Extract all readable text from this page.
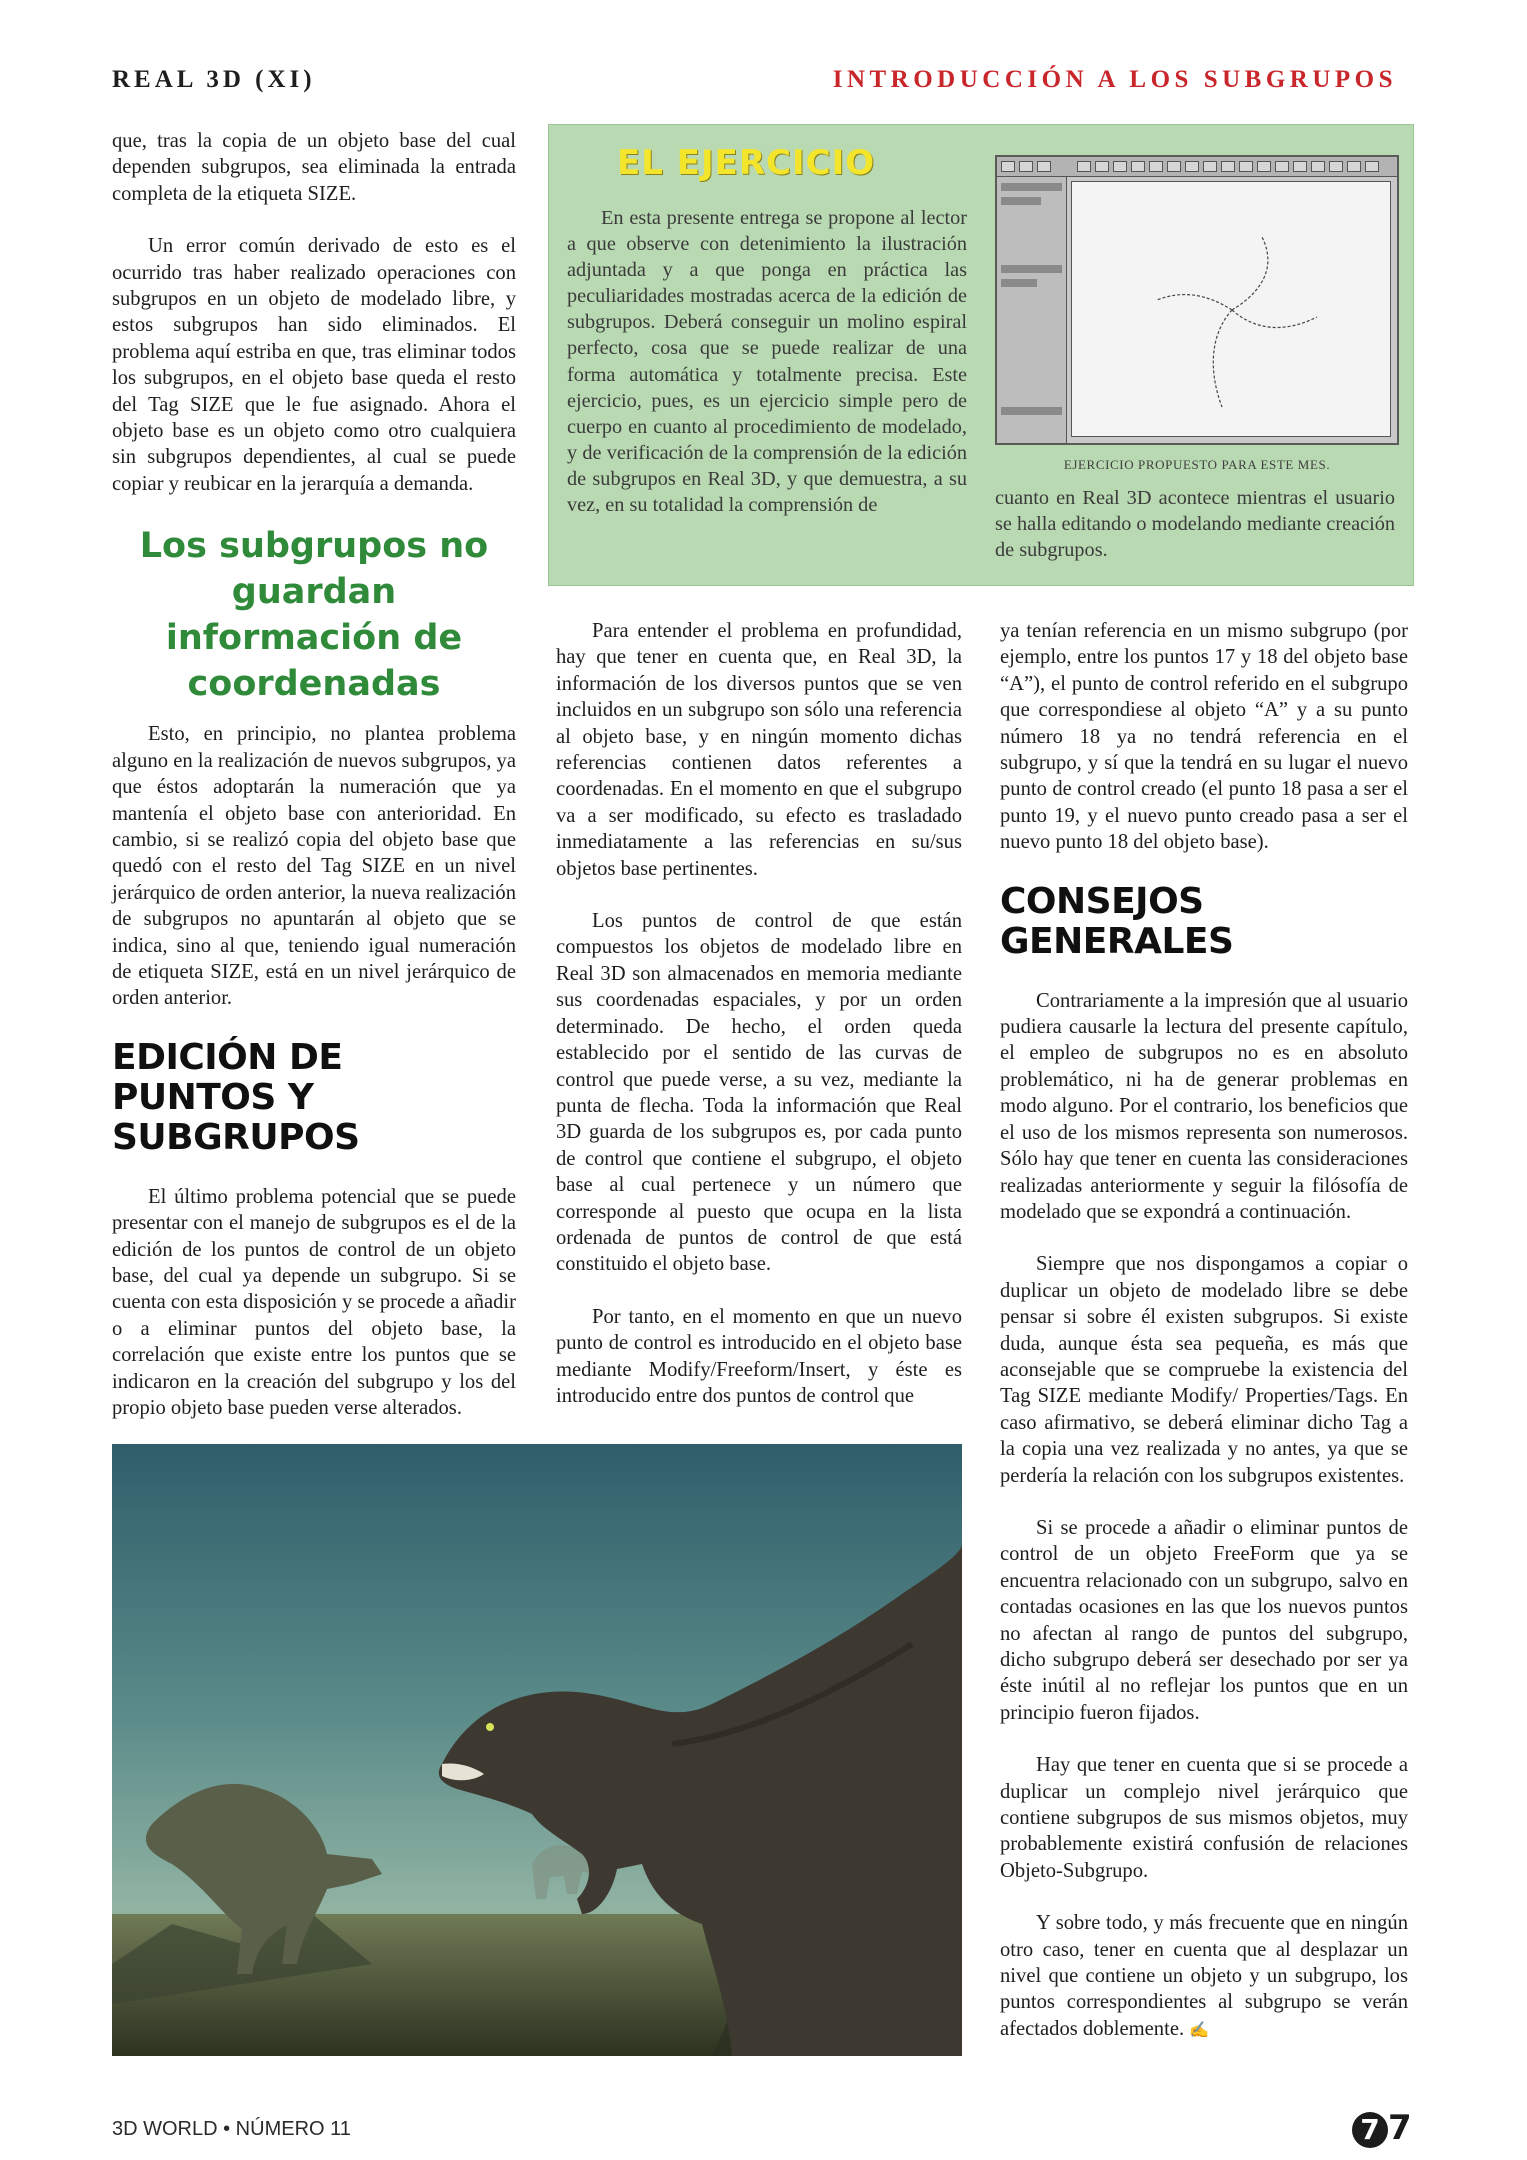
REAL 3D (XI)	INTRODUCCIÓN A LOS SUBGRUPOS

que, tras la copia de un objeto base del cual dependen subgrupos, sea eliminada la entrada completa de la etiqueta SIZE.

Un error común derivado de esto es el ocurrido tras haber realizado operaciones con subgrupos en un objeto de modelado libre, y estos subgrupos han sido eliminados. El problema aquí estriba en que, tras eliminar todos los subgrupos, en el objeto base queda el resto del Tag SIZE que le fue asignado. Ahora el objeto base es un objeto como otro cualquiera sin subgrupos dependientes, al cual se puede copiar y reubicar en la jerarquía a demanda.

Los subgrupos no guardan información de coordenadas

Esto, en principio, no plantea problema alguno en la realización de nuevos subgrupos, ya que éstos adoptarán la numeración que ya mantenía el objeto base con anterioridad. En cambio, si se realizó copia del objeto base que quedó con el resto del Tag SIZE en un nivel jerárquico de orden anterior, la nueva realización de subgrupos no apuntarán al objeto que se indica, sino al que, teniendo igual numeración de etiqueta SIZE, está en un nivel jerárquico de orden anterior.

EDICIÓN DE PUNTOS Y SUBGRUPOS

El último problema potencial que se puede presentar con el manejo de subgrupos es el de la edición de los puntos de control de un objeto base, del cual ya depende un subgrupo. Si se cuenta con esta disposición y se procede a añadir o a eliminar puntos del objeto base, la correlación que existe entre los puntos que se indicaron en la creación del subgrupo y los del propio objeto base pueden verse alterados.

EL EJERCICIO
En esta presente entrega se propone al lector a que observe con detenimiento la ilustración adjuntada y a que ponga en práctica las peculiaridades mostradas acerca de la edición de subgrupos. Deberá conseguir un molino espiral perfecto, cosa que se puede realizar de una forma automática y totalmente precisa. Este ejercicio, pues, es un ejercicio simple pero de cuerpo en cuanto al procedimiento de modelado, y de verificación de la comprensión de la edición de subgrupos en Real 3D, y que demuestra, a su vez, en su totalidad la comprensión de
EJERCICIO PROPUESTO PARA ESTE MES.
cuanto en Real 3D acontece mientras el usuario se halla editando o modelando mediante creación de subgrupos.

Para entender el problema en profundidad, hay que tener en cuenta que, en Real 3D, la información de los diversos puntos que se ven incluidos en un subgrupo son sólo una referencia al objeto base, y en ningún momento dichas referencias contienen datos referentes a coordenadas. En el momento en que el subgrupo va a ser modificado, su efecto es trasladado inmediatamente a las referencias en su/sus objetos base pertinentes.

Los puntos de control de que están compuestos los objetos de modelado libre en Real 3D son almacenados en memoria mediante sus coordenadas espaciales, y por un orden determinado. De hecho, el orden queda establecido por el sentido de las curvas de control que puede verse, a su vez, mediante la punta de flecha. Toda la información que Real 3D guarda de los subgrupos es, por cada punto de control que contiene el subgrupo, el objeto base al cual pertenece y un número que corresponde al puesto que ocupa en la lista ordenada de puntos de control de que está constituido el objeto base.

Por tanto, en el momento en que un nuevo punto de control es introducido en el objeto base mediante Modify/Freeform/Insert, y éste es introducido entre dos puntos de control que

ya tenían referencia en un mismo subgrupo (por ejemplo, entre los puntos 17 y 18 del objeto base “A”), el punto de control referido en el subgrupo que correspondiese al objeto “A” y a su punto número 18 ya no tendrá referencia en el subgrupo, y sí que la tendrá en su lugar el nuevo punto de control creado (el punto 18 pasa a ser el punto 19, y el nuevo punto creado pasa a ser el nuevo punto 18 del objeto base).

CONSEJOS GENERALES

Contrariamente a la impresión que al usuario pudiera causarle la lectura del presente capítulo, el empleo de subgrupos no es en absoluto problemático, ni ha de generar problemas en modo alguno. Por el contrario, los beneficios que el uso de los mismos representa son numerosos. Sólo hay que tener en cuenta las consideraciones realizadas anteriormente y seguir la filósofía de modelado que se expondrá a continuación.

Siempre que nos dispongamos a copiar o duplicar un objeto de modelado libre se debe pensar si sobre él existen subgrupos. Si existe duda, aunque ésta sea pequeña, es más que aconsejable que se compruebe la existencia del Tag SIZE mediante Modify/ Properties/Tags. En caso afirmativo, se deberá eliminar dicho Tag a la copia una vez realizada y no antes, ya que se perdería la relación con los subgrupos existentes.

Si se procede a añadir o eliminar puntos de control de un objeto FreeForm que ya se encuentra relacionado con un subgrupo, salvo en contadas ocasiones en las que los nuevos puntos no afectan al rango de puntos del subgrupo, dicho subgrupo deberá ser desechado por ser ya éste inútil al no reflejar los puntos que en un principio fueron fijados.

Hay que tener en cuenta que si se procede a duplicar un complejo nivel jerárquico que contiene subgrupos de sus mismos objetos, muy probablemente existirá confusión de relaciones Objeto-Subgrupo.

Y sobre todo, y más frecuente que en ningún otro caso, tener en cuenta que al desplazar un nivel que contiene un objeto y un subgrupo, los puntos correspondientes al subgrupo se verán afectados doblemente. ✍

3D WORLD • NÚMERO 11	7 7
